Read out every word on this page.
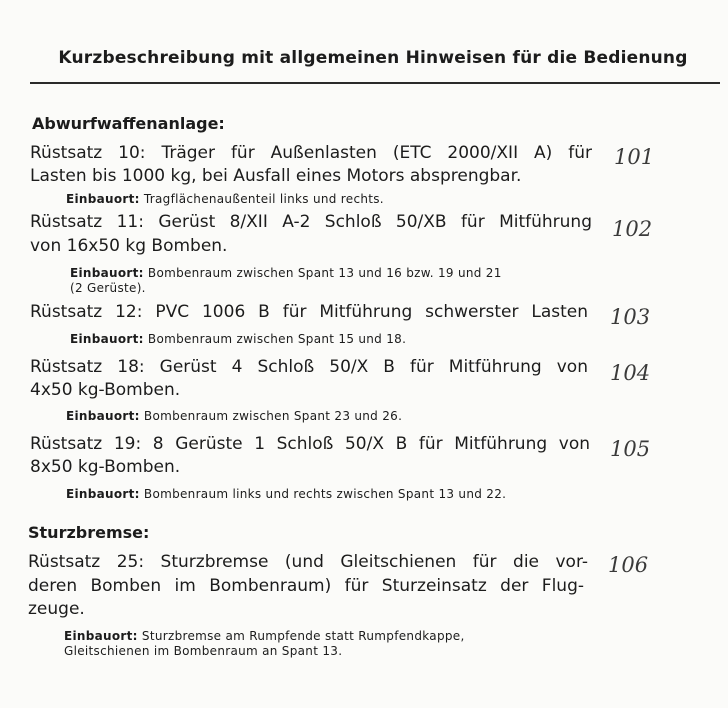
Kurzbeschreibung mit allgemeinen Hinweisen für die Bedienung
Abwurfwaffenanlage:
Rüstsatz 10: Träger für Außenlasten (ETC 2000/XII A) für
Lasten bis 1000 kg, bei Ausfall eines Motors absprengbar.
Einbauort: Tragflächenaußenteil links und rechts.
101
Rüstsatz 11: Gerüst 8/XII A-2 Schloß 50/XB für Mitführung
von 16x50 kg Bomben.
Einbauort: Bombenraum zwischen Spant 13 und 16 bzw. 19 und 21
(2 Gerüste).
102
Rüstsatz 12: PVC 1006 B für Mitführung schwerster Lasten
Einbauort: Bombenraum zwischen Spant 15 und 18.
103
Rüstsatz 18: Gerüst 4 Schloß 50/X B für Mitführung von
4x50 kg-Bomben.
Einbauort: Bombenraum zwischen Spant 23 und 26.
104
Rüstsatz 19: 8 Gerüste 1 Schloß 50/X B für Mitführung von
8x50 kg-Bomben.
Einbauort: Bombenraum links und rechts zwischen Spant 13 und 22.
105
Sturzbremse:
Rüstsatz 25: Sturzbremse (und Gleitschienen für die vor-
deren Bomben im Bombenraum) für Sturzeinsatz der Flug-
zeuge.
Einbauort: Sturzbremse am Rumpfende statt Rumpfendkappe,
Gleitschienen im Bombenraum an Spant 13.
106
